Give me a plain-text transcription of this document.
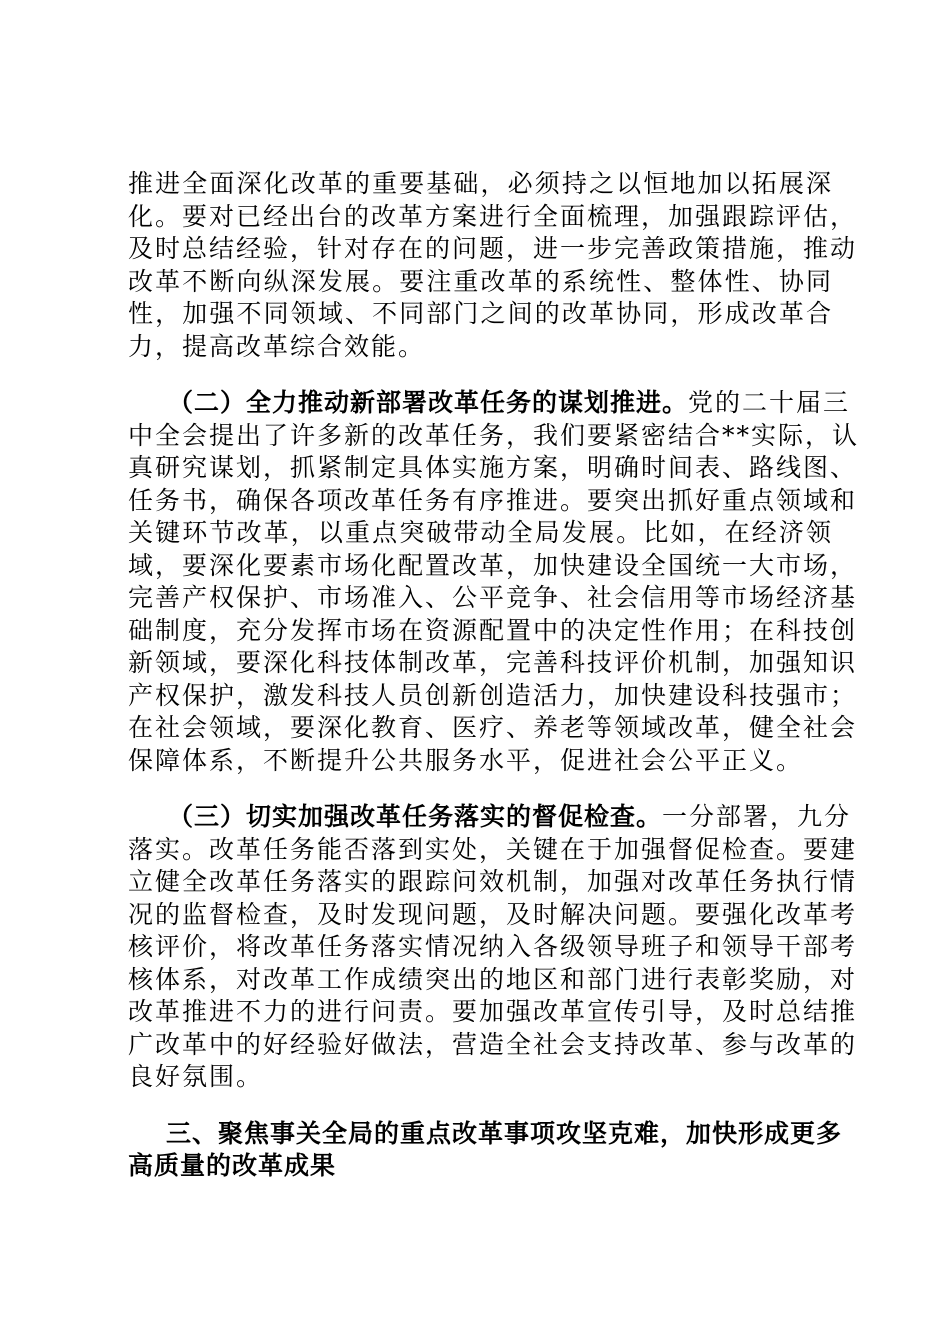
推进全面深化改革的重要基础，必须持之以恒地加以拓展深
化。要对已经出台的改革方案进行全面梳理，加强跟踪评估，
及时总结经验，针对存在的问题，进一步完善政策措施，推动
改革不断向纵深发展。要注重改革的系统性、整体性、协同
性，加强不同领域、不同部门之间的改革协同，形成改革合
力，提高改革综合效能。
（二）全力推动新部署改革任务的谋划推进。党的二十届三
中全会提出了许多新的改革任务，我们要紧密结合**实际，认
真研究谋划，抓紧制定具体实施方案，明确时间表、路线图、
任务书，确保各项改革任务有序推进。要突出抓好重点领域和
关键环节改革，以重点突破带动全局发展。比如，在经济领
域，要深化要素市场化配置改革，加快建设全国统一大市场，
完善产权保护、市场准入、公平竞争、社会信用等市场经济基
础制度，充分发挥市场在资源配置中的决定性作用；在科技创
新领域，要深化科技体制改革，完善科技评价机制，加强知识
产权保护，激发科技人员创新创造活力，加快建设科技强市；
在社会领域，要深化教育、医疗、养老等领域改革，健全社会
保障体系，不断提升公共服务水平，促进社会公平正义。
（三）切实加强改革任务落实的督促检查。一分部署，九分
落实。改革任务能否落到实处，关键在于加强督促检查。要建
立健全改革任务落实的跟踪问效机制，加强对改革任务执行情
况的监督检查，及时发现问题，及时解决问题。要强化改革考
核评价，将改革任务落实情况纳入各级领导班子和领导干部考
核体系，对改革工作成绩突出的地区和部门进行表彰奖励，对
改革推进不力的进行问责。要加强改革宣传引导，及时总结推
广改革中的好经验好做法，营造全社会支持改革、参与改革的
良好氛围。
三、聚焦事关全局的重点改革事项攻坚克难，加快形成更多
高质量的改革成果
